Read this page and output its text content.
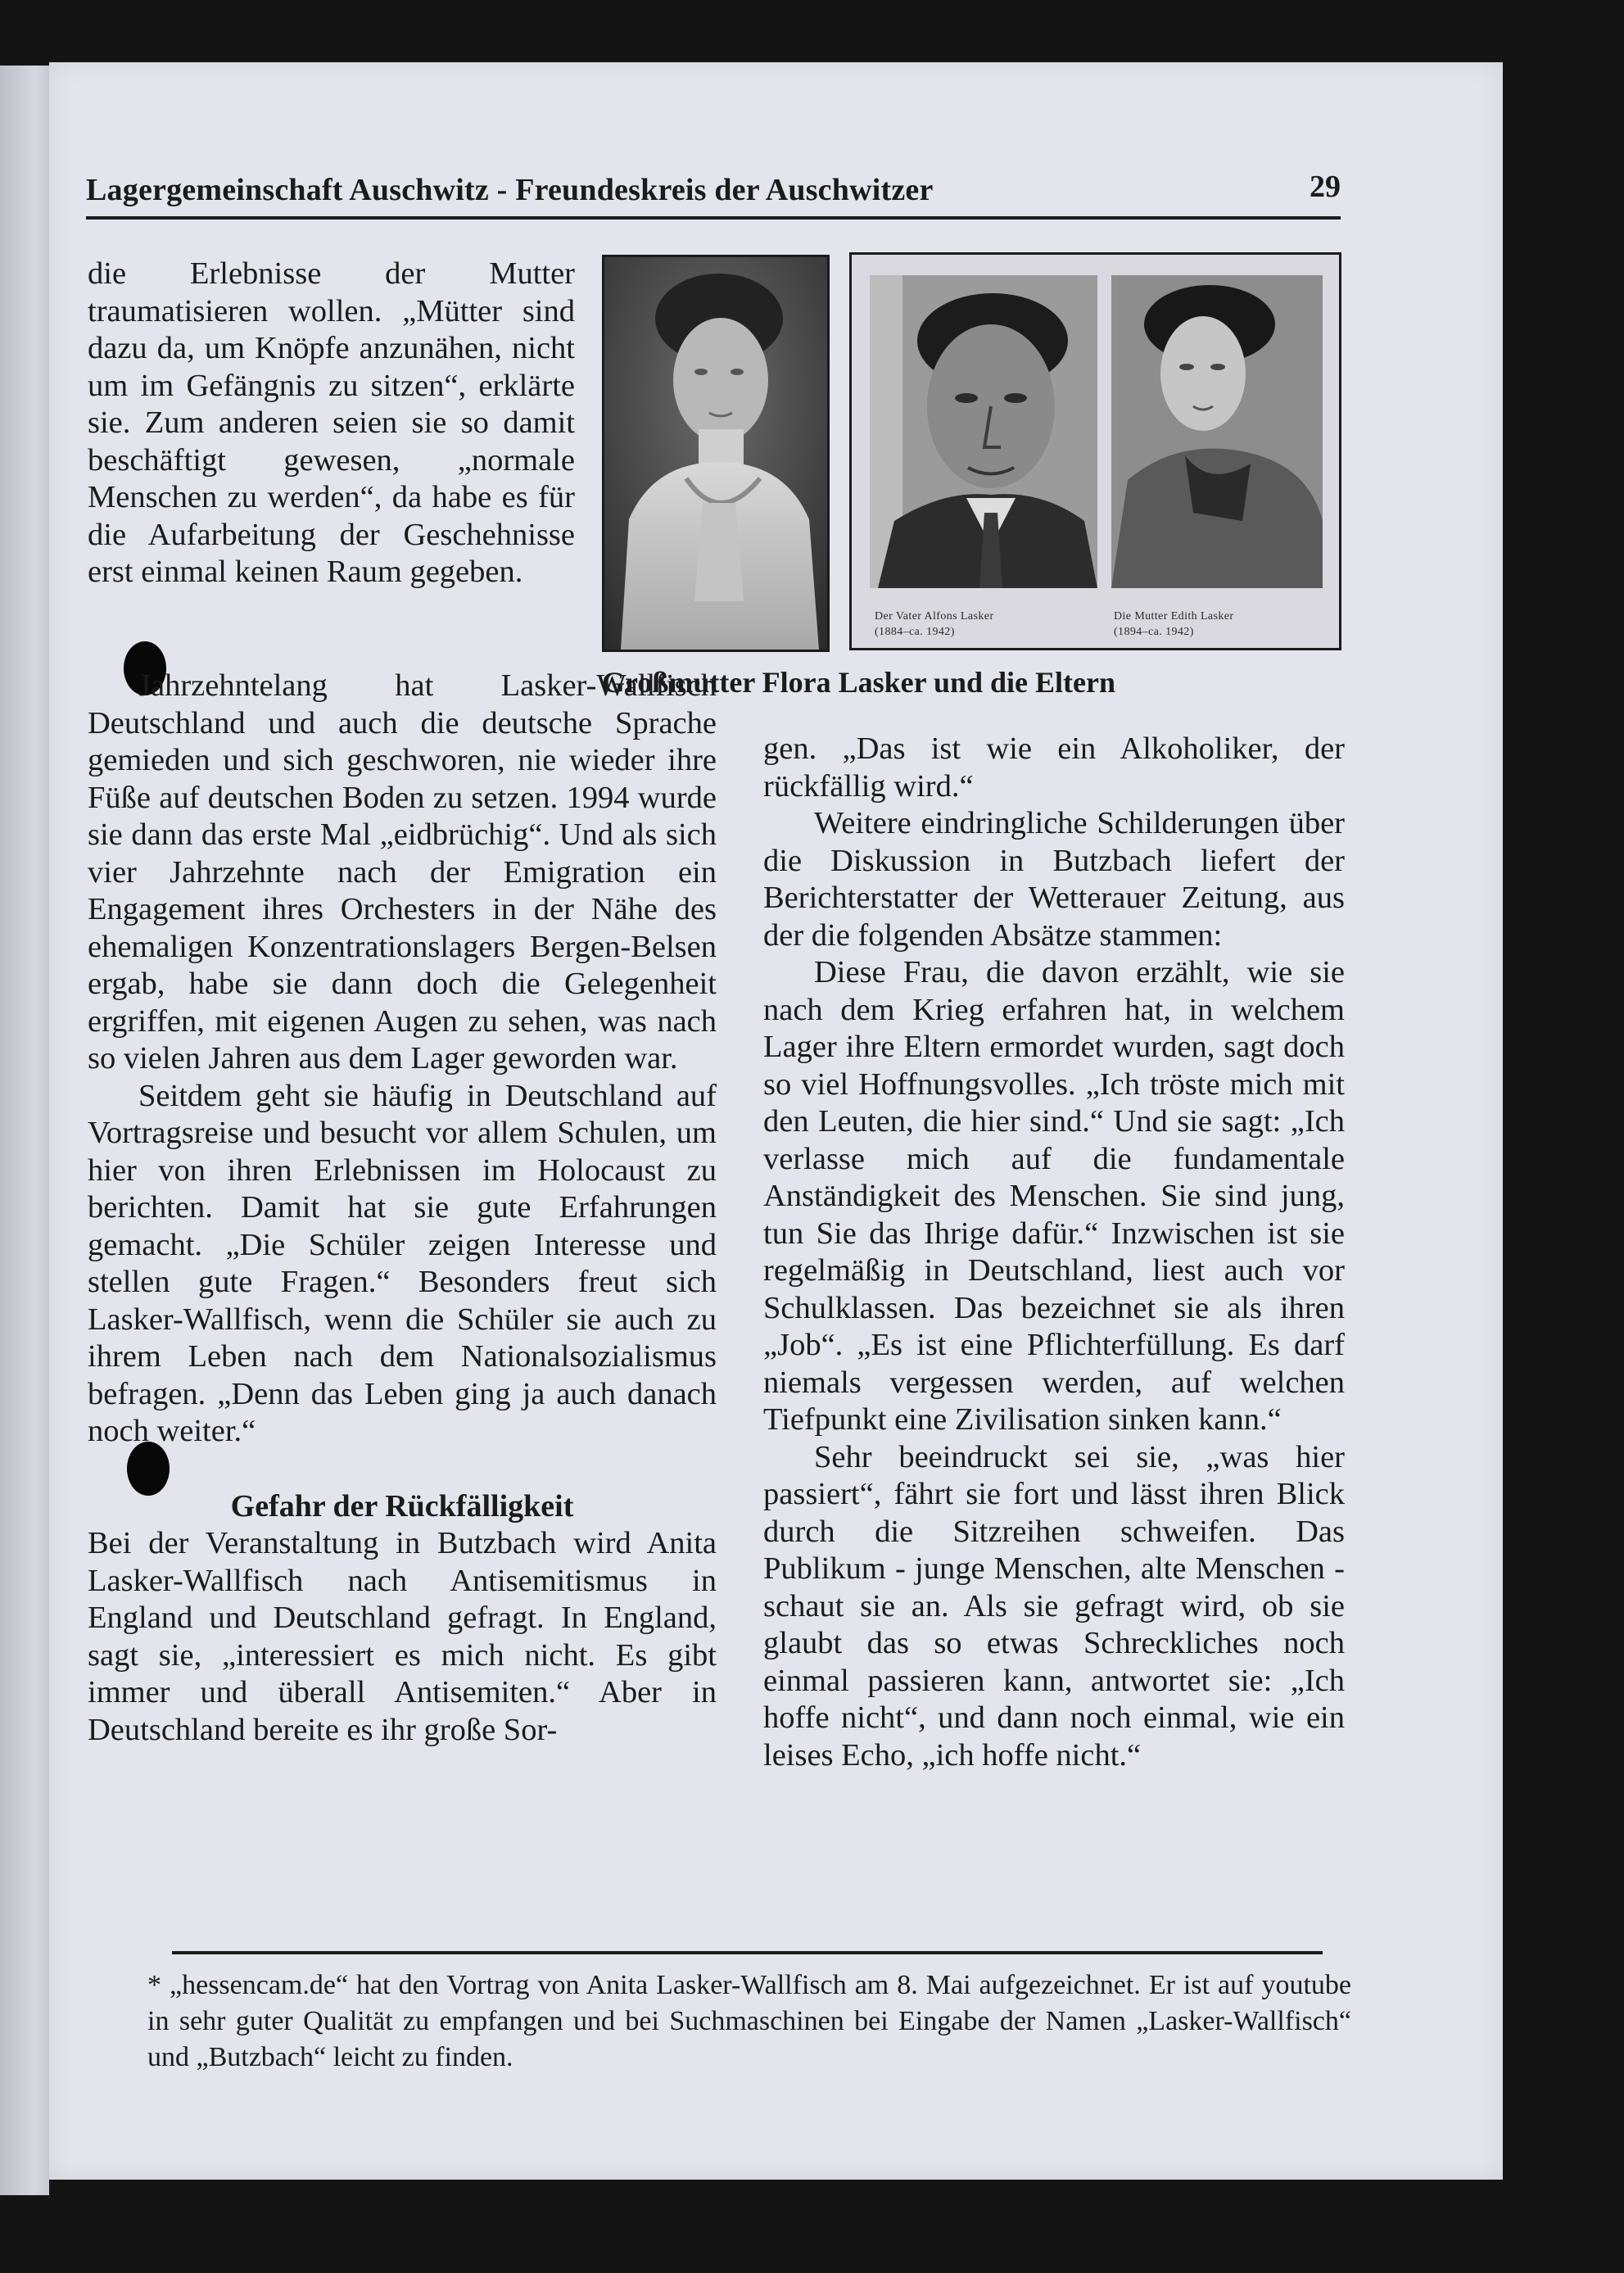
Lagergemeinschaft Auschwitz - Freundeskreis der Auschwitzer	29
Der Vater Alfons Lasker
(1884–ca. 1942)
Die Mutter Edith Lasker
(1894–ca. 1942)
Großmutter Flora Lasker und die Eltern

die Erlebnisse der Mutter traumatisieren wollen. „Mütter sind dazu da, um Knöpfe anzunähen, nicht um im Gefängnis zu sitzen“, erklärte sie. Zum anderen seien sie so damit beschäftigt gewesen, „normale Menschen zu werden“, da habe es für die Aufarbeitung der Geschehnisse erst einmal keinen Raum gegeben.

Jahrzehntelang hat Lasker-Wallfisch Deutschland und auch die deutsche Sprache gemieden und sich geschworen, nie wieder ihre Füße auf deutschen Boden zu setzen. 1994 wurde sie dann das erste Mal „eidbrüchig“. Und als sich vier Jahrzehnte nach der Emigration ein Engagement ihres Orchesters in der Nähe des ehemaligen Konzentrationslagers Bergen-Belsen ergab, habe sie dann doch die Gelegenheit ergriffen, mit eigenen Augen zu sehen, was nach so vielen Jahren aus dem Lager geworden war.

Seitdem geht sie häufig in Deutschland auf Vortragsreise und besucht vor allem Schulen, um hier von ihren Erlebnissen im Holocaust zu berichten. Damit hat sie gute Erfahrungen gemacht. „Die Schüler zeigen Interesse und stellen gute Fragen.“ Besonders freut sich Lasker-Wallfisch, wenn die Schüler sie auch zu ihrem Leben nach dem Nationalsozialismus befragen. „Denn das Leben ging ja auch danach noch weiter.“

Gefahr der Rückfälligkeit

Bei der Veranstaltung in Butzbach wird Anita Lasker-Wallfisch nach Antisemitismus in England und Deutschland gefragt. In England, sagt sie, „interessiert es mich nicht. Es gibt immer und überall Antisemiten.“ Aber in Deutschland bereite es ihr große Sor-

gen. „Das ist wie ein Alkoholiker, der rückfällig wird.“

Weitere eindringliche Schilderungen über die Diskussion in Butzbach liefert der Berichterstatter der Wetterauer Zeitung, aus der die folgenden Absätze stammen:

Diese Frau, die davon erzählt, wie sie nach dem Krieg erfahren hat, in welchem Lager ihre Eltern ermordet wurden, sagt doch so viel Hoffnungsvolles. „Ich tröste mich mit den Leuten, die hier sind.“ Und sie sagt: „Ich verlasse mich auf die fundamentale Anständigkeit des Menschen. Sie sind jung, tun Sie das Ihrige dafür.“ Inzwischen ist sie regelmäßig in Deutschland, liest auch vor Schulklassen. Das bezeichnet sie als ihren „Job“. „Es ist eine Pflichterfüllung. Es darf niemals vergessen werden, auf welchen Tiefpunkt eine Zivilisation sinken kann.“

Sehr beeindruckt sei sie, „was hier passiert“, fährt sie fort und lässt ihren Blick durch die Sitzreihen schweifen. Das Publikum - junge Menschen, alte Menschen - schaut sie an. Als sie gefragt wird, ob sie glaubt das so etwas Schreckliches noch einmal passieren kann, antwortet sie: „Ich hoffe nicht“, und dann noch einmal, wie ein leises Echo, „ich hoffe nicht.“

* „hessencam.de“ hat den Vortrag von Anita Lasker-Wallfisch am 8. Mai aufgezeichnet. Er ist auf youtube in sehr guter Qualität zu empfangen und bei Suchmaschinen bei Eingabe der Namen „Lasker-Wallfisch“ und „Butzbach“ leicht zu finden.
